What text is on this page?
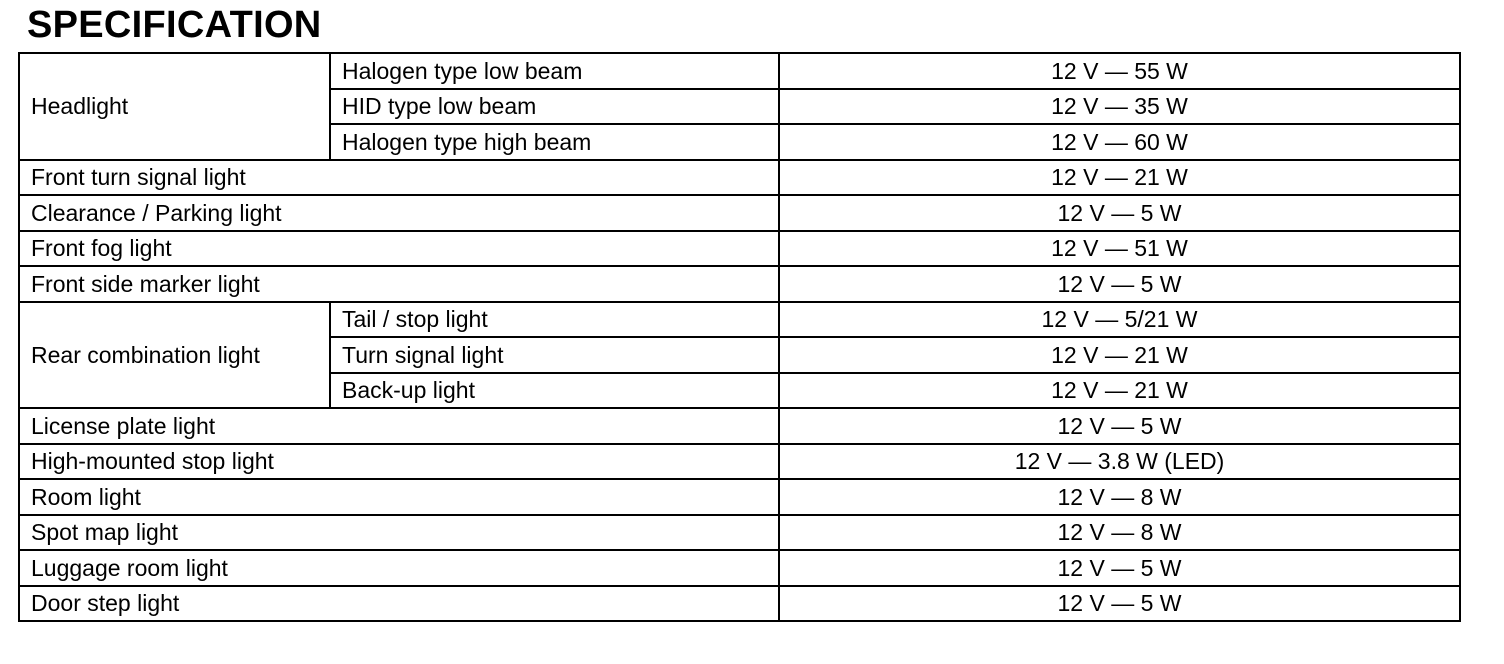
SPECIFICATION
Headlight	Halogen type low beam	12 V — 55 W
	HID type low beam	12 V — 35 W
	Halogen type high beam	12 V — 60 W
Front turn signal light		12 V — 21 W
Clearance / Parking light		12 V — 5 W
Front fog light		12 V — 51 W
Front side marker light		12 V — 5 W
Rear combination light	Tail / stop light	12 V — 5/21 W
	Turn signal light	12 V — 21 W
	Back-up light	12 V — 21 W
License plate light		12 V — 5 W
High-mounted stop light		12 V — 3.8 W (LED)
Room light		12 V — 8 W
Spot map light		12 V — 8 W
Luggage room light		12 V — 5 W
Door step light		12 V — 5 W
